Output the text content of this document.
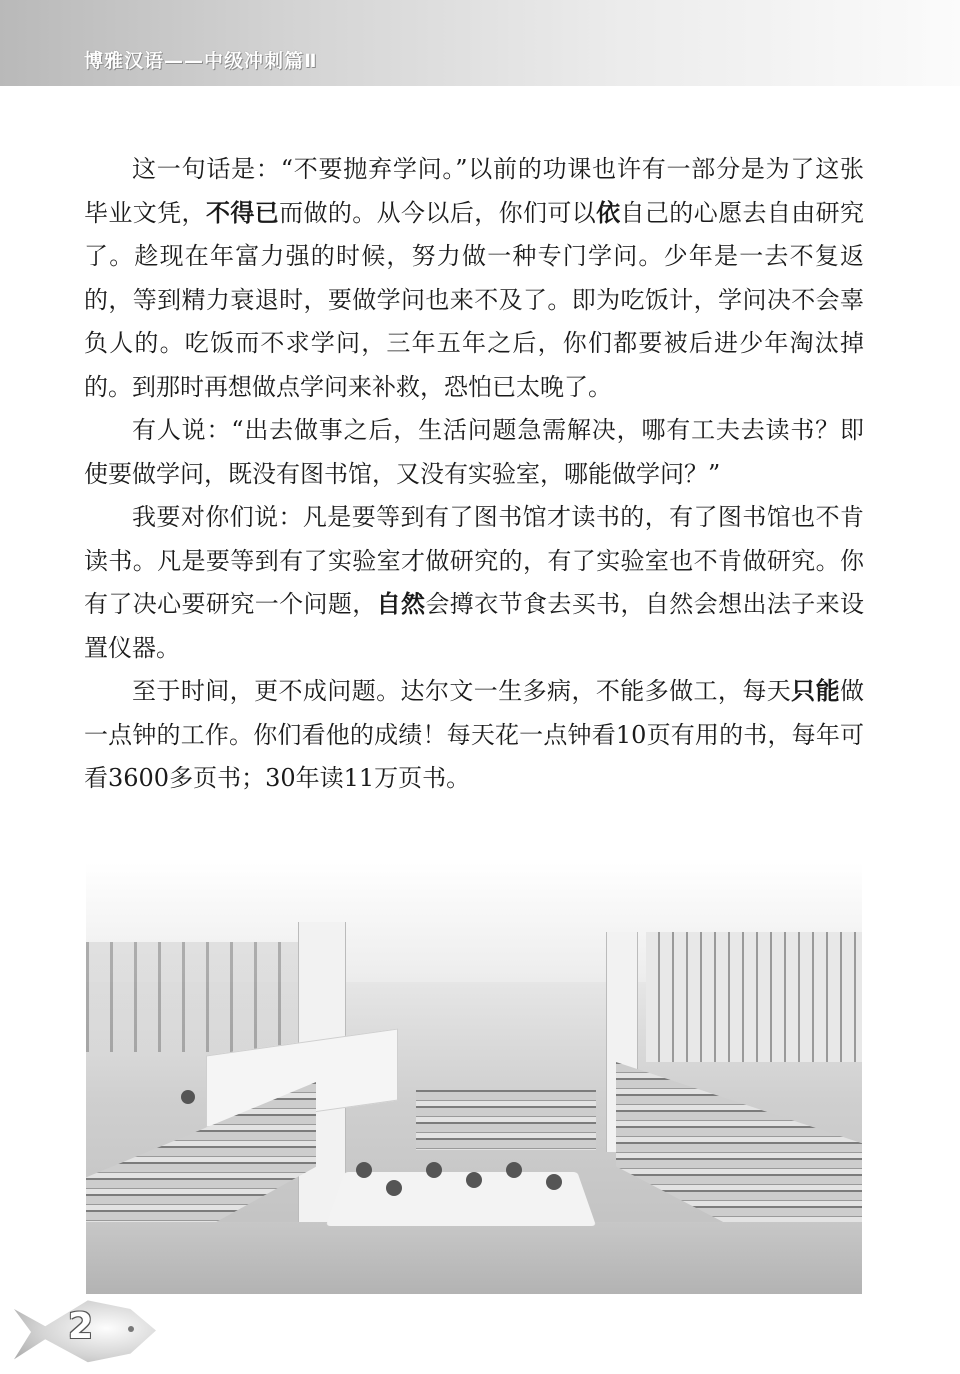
博雅汉语——中级冲刺篇Ⅱ

这一句话是：“不要抛弃学问。”以前的功课也许有一部分是为了这张毕业文凭，不得已而做的。从今以后，你们可以依自己的心愿去自由研究了。趁现在年富力强的时候，努力做一种专门学问。少年是一去不复返的，等到精力衰退时，要做学问也来不及了。即为吃饭计，学问决不会辜负人的。吃饭而不求学问，三年五年之后，你们都要被后进少年淘汰掉的。到那时再想做点学问来补救，恐怕已太晚了。

有人说：“出去做事之后，生活问题急需解决，哪有工夫去读书？即使要做学问，既没有图书馆，又没有实验室，哪能做学问？”

我要对你们说：凡是要等到有了图书馆才读书的，有了图书馆也不肯读书。凡是要等到有了实验室才做研究的，有了实验室也不肯做研究。你有了决心要研究一个问题，自然会撙衣节食去买书，自然会想出法子来设置仪器。

至于时间，更不成问题。达尔文一生多病，不能多做工，每天只能做一点钟的工作。你们看他的成绩！每天花一点钟看10页有用的书，每年可看3600多页书；30年读11万页书。

2
